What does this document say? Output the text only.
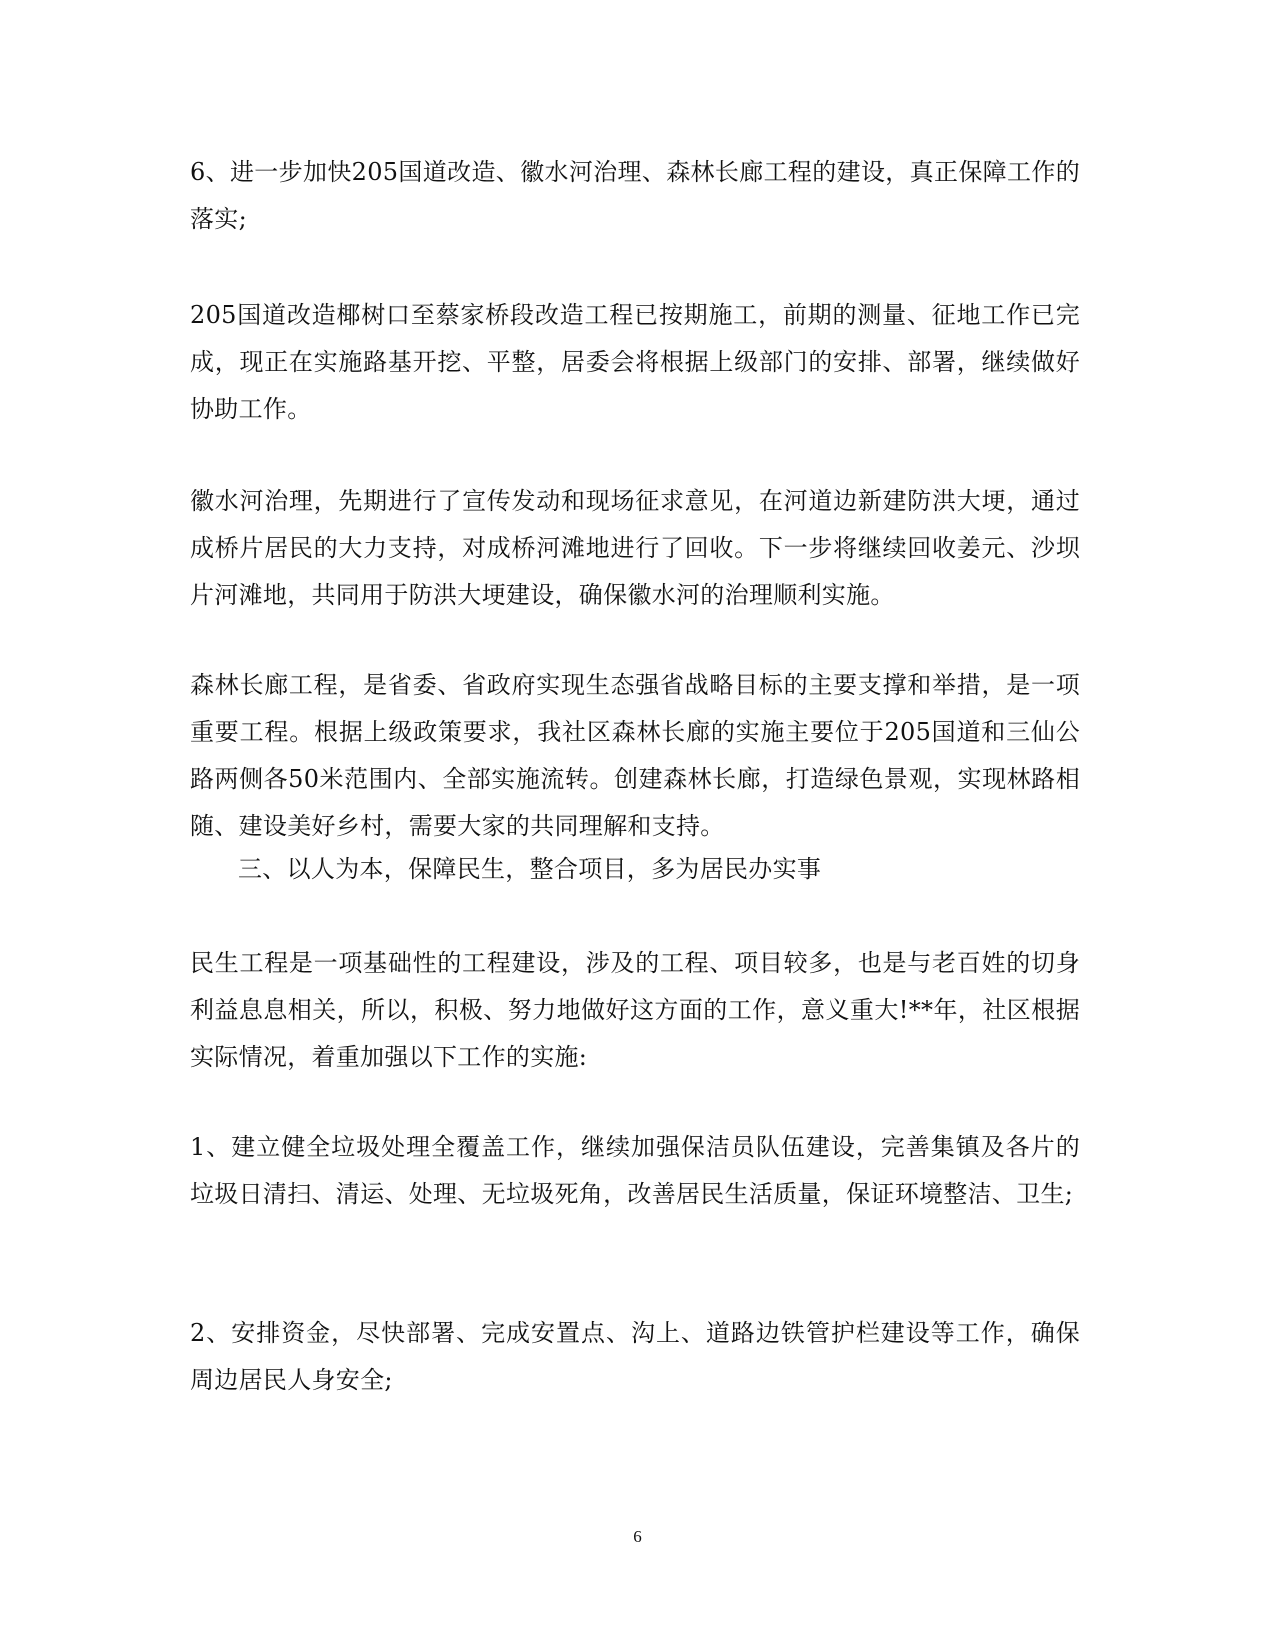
6、进一步加快205国道改造、徽水河治理、森林长廊工程的建设，真正保障工作的落实;

205国道改造椰树口至蔡家桥段改造工程已按期施工，前期的测量、征地工作已完成，现正在实施路基开挖、平整，居委会将根据上级部门的安排、部署，继续做好协助工作。

徽水河治理，先期进行了宣传发动和现场征求意见，在河道边新建防洪大埂，通过成桥片居民的大力支持，对成桥河滩地进行了回收。下一步将继续回收姜元、沙坝片河滩地，共同用于防洪大埂建设，确保徽水河的治理顺利实施。

森林长廊工程，是省委、省政府实现生态强省战略目标的主要支撑和举措，是一项重要工程。根据上级政策要求，我社区森林长廊的实施主要位于205国道和三仙公路两侧各50米范围内、全部实施流转。创建森林长廊，打造绿色景观，实现林路相随、建设美好乡村，需要大家的共同理解和支持。

三、以人为本，保障民生，整合项目，多为居民办实事

民生工程是一项基础性的工程建设，涉及的工程、项目较多，也是与老百姓的切身利益息息相关，所以，积极、努力地做好这方面的工作，意义重大!**年，社区根据实际情况，着重加强以下工作的实施:

1、建立健全垃圾处理全覆盖工作，继续加强保洁员队伍建设，完善集镇及各片的垃圾日清扫、清运、处理、无垃圾死角，改善居民生活质量，保证环境整洁、卫生;

2、安排资金，尽快部署、完成安置点、沟上、道路边铁管护栏建设等工作，确保周边居民人身安全;

6
